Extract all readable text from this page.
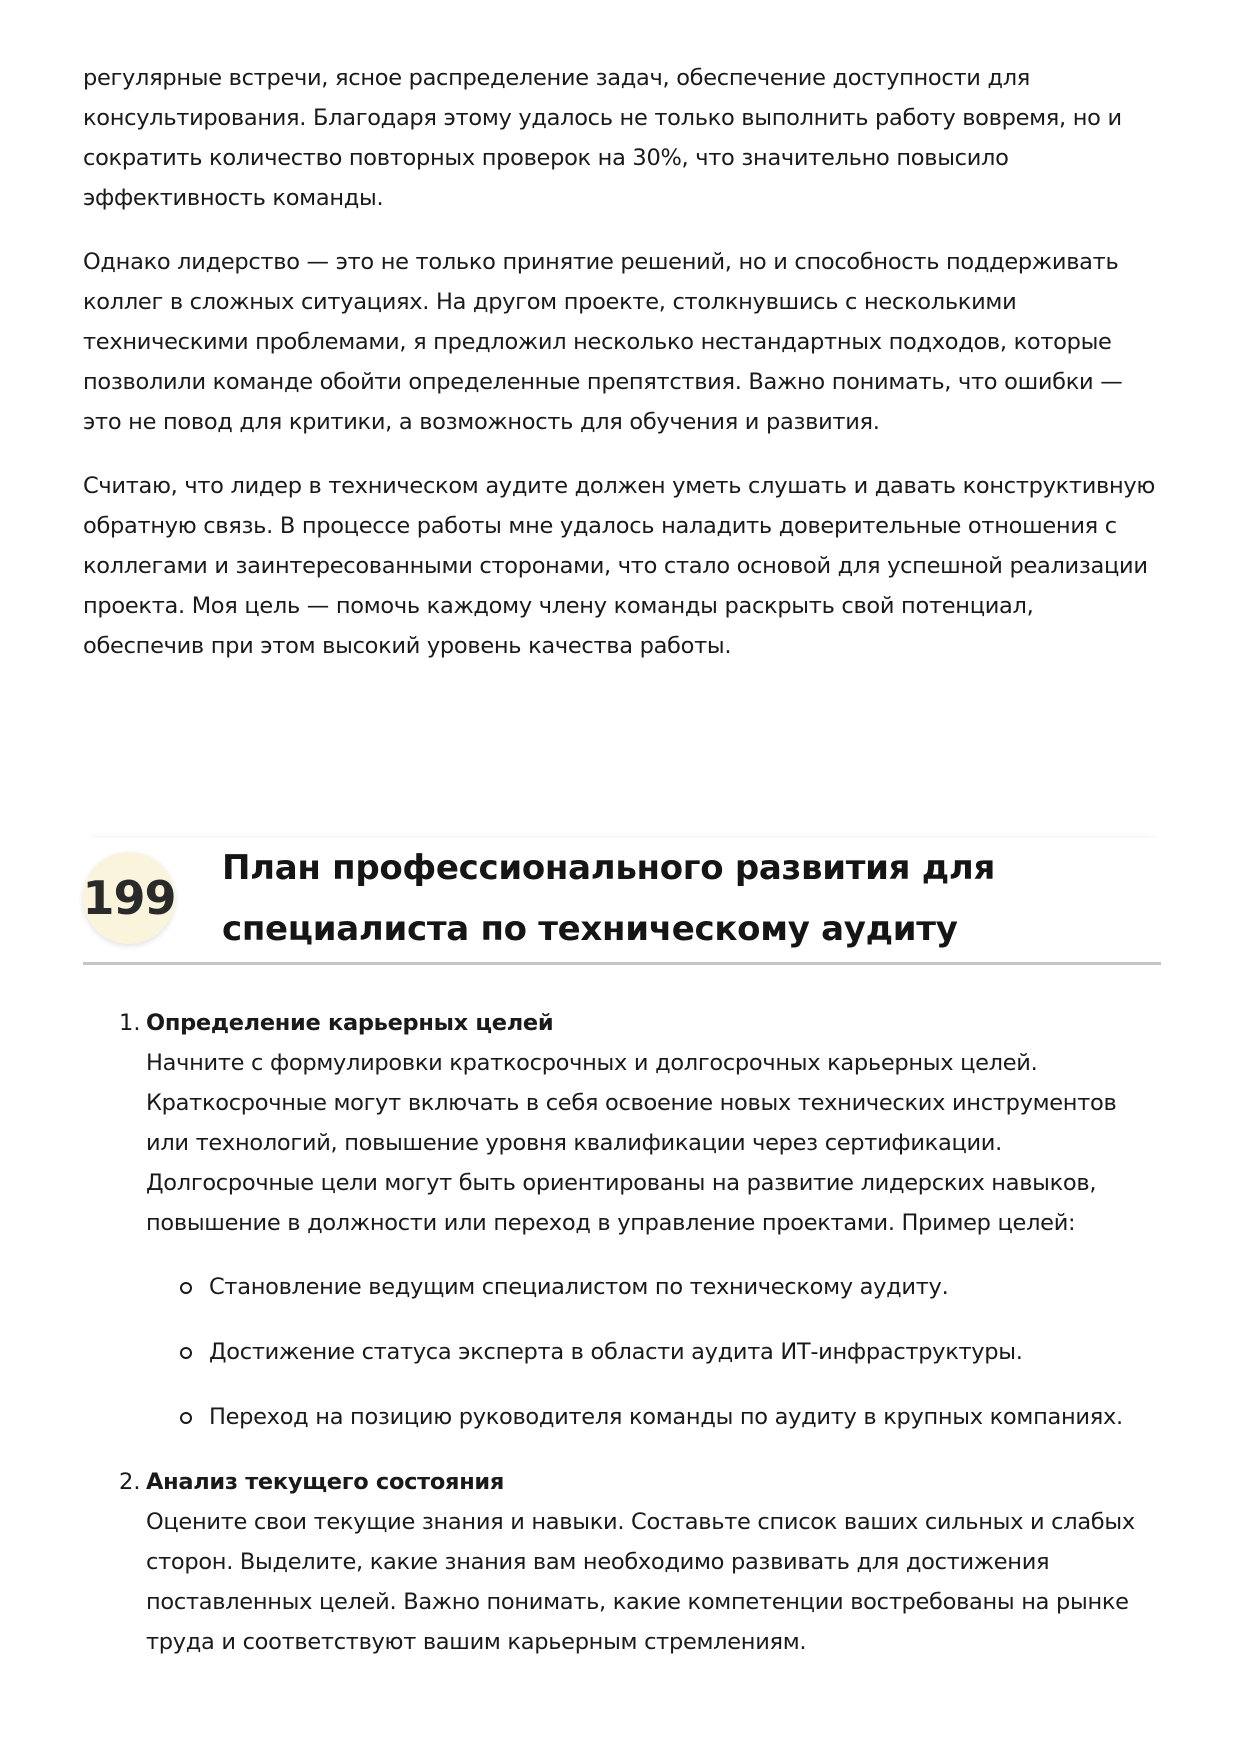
регулярные встречи, ясное распределение задач, обеспечение доступности для консультирования. Благодаря этому удалось не только выполнить работу вовремя, но и сократить количество повторных проверок на 30%, что значительно повысило эффективность команды.

Однако лидерство — это не только принятие решений, но и способность поддерживать коллег в сложных ситуациях. На другом проекте, столкнувшись с несколькими техническими проблемами, я предложил несколько нестандартных подходов, которые позволили команде обойти определенные препятствия. Важно понимать, что ошибки — это не повод для критики, а возможность для обучения и развития.

Считаю, что лидер в техническом аудите должен уметь слушать и давать конструктивную обратную связь. В процессе работы мне удалось наладить доверительные отношения с коллегами и заинтересованными сторонами, что стало основой для успешной реализации проекта. Моя цель — помочь каждому члену команды раскрыть свой потенциал, обеспечив при этом высокий уровень качества работы.

199
План профессионального развития для специалиста по техническому аудиту
1. Определение карьерных целей
Начните с формулировки краткосрочных и долгосрочных карьерных целей. Краткосрочные могут включать в себя освоение новых технических инструментов или технологий, повышение уровня квалификации через сертификации. Долгосрочные цели могут быть ориентированы на развитие лидерских навыков, повышение в должности или переход в управление проектами. Пример целей:
Становление ведущим специалистом по техническому аудиту.
Достижение статуса эксперта в области аудита ИТ-инфраструктуры.
Переход на позицию руководителя команды по аудиту в крупных компаниях.
2. Анализ текущего состояния
Оцените свои текущие знания и навыки. Составьте список ваших сильных и слабых сторон. Выделите, какие знания вам необходимо развивать для достижения поставленных целей. Важно понимать, какие компетенции востребованы на рынке труда и соответствуют вашим карьерным стремлениям.
